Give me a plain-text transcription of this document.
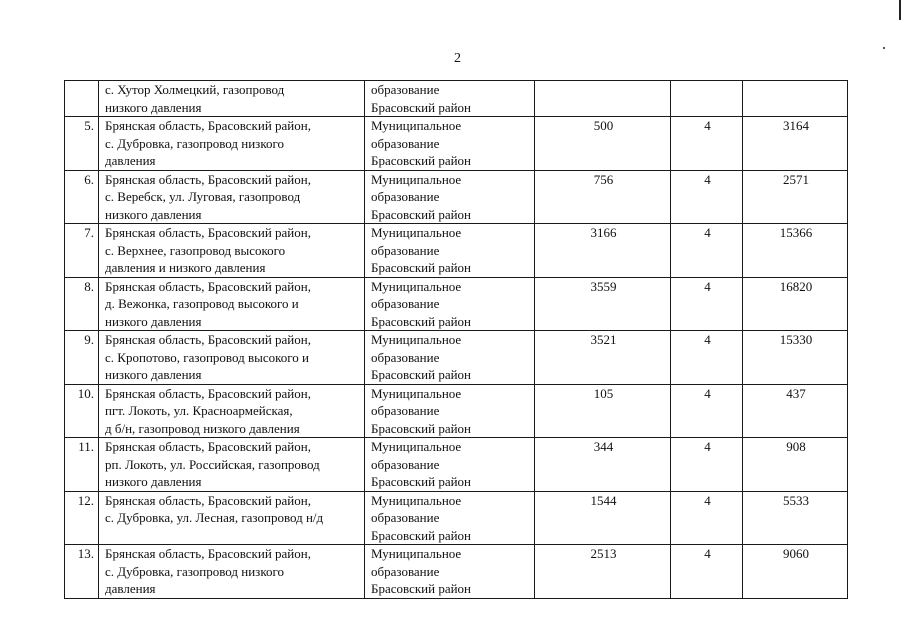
2
	с. Хутор Холмецкий, газопровод
низкого давления	образование
Брасовский район			
5.	Брянская область, Брасовский район,
с. Дубровка, газопровод низкого
давления	Муниципальное
образование
Брасовский район	500	4	3164
6.	Брянская область, Брасовский район,
с. Веребск, ул. Луговая, газопровод
низкого давления	Муниципальное
образование
Брасовский район	756	4	2571
7.	Брянская область, Брасовский район,
с. Верхнее, газопровод высокого
давления и низкого давления	Муниципальное
образование
Брасовский район	3166	4	15366
8.	Брянская область, Брасовский район,
д. Вежонка, газопровод высокого и
низкого давления	Муниципальное
образование
Брасовский район	3559	4	16820
9.	Брянская область, Брасовский район,
с. Кропотово, газопровод высокого и
низкого давления	Муниципальное
образование
Брасовский район	3521	4	15330
10.	Брянская область, Брасовский район,
пгт. Локоть, ул. Красноармейская,
д б/н, газопровод низкого давления	Муниципальное
образование
Брасовский район	105	4	437
11.	Брянская область, Брасовский район,
рп. Локоть, ул. Российская, газопровод
низкого давления	Муниципальное
образование
Брасовский район	344	4	908
12.	Брянская область, Брасовский район,
с. Дубровка, ул. Лесная, газопровод н/д	Муниципальное
образование
Брасовский район	1544	4	5533
13.	Брянская область, Брасовский район,
с. Дубровка, газопровод низкого
давления	Муниципальное
образование
Брасовский район	2513	4	9060
